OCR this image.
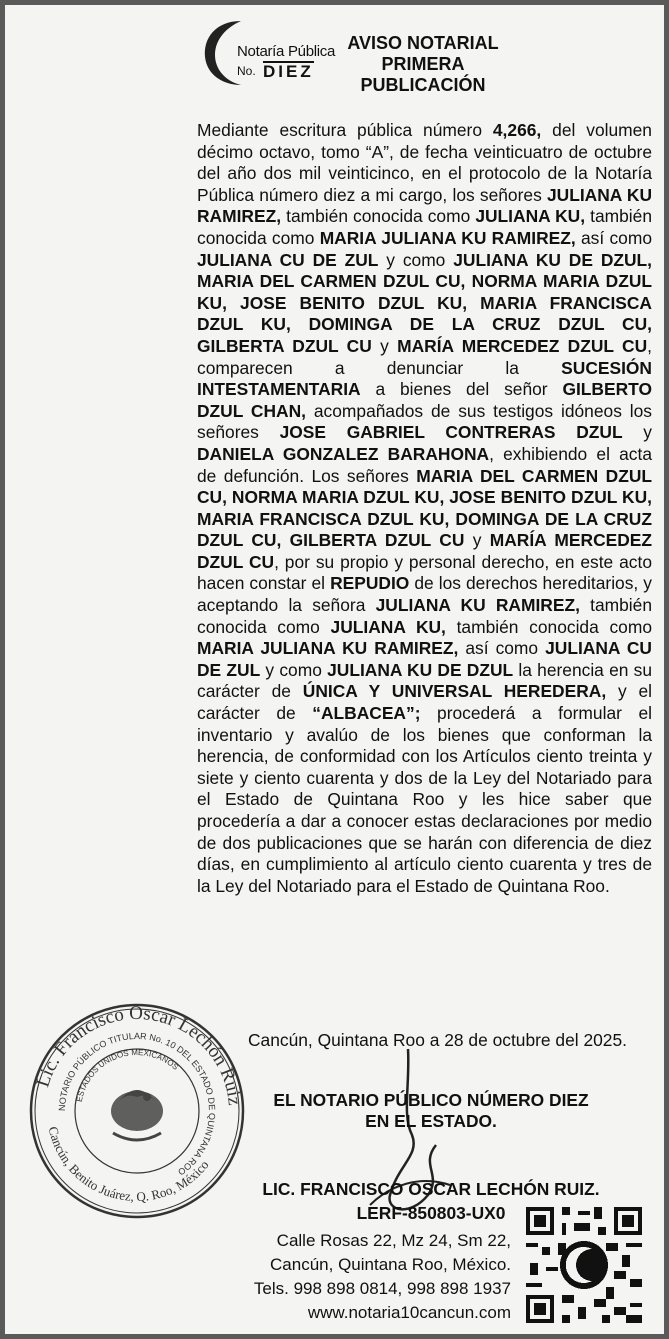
Notaría Pública
No. DIEZ
AVISO NOTARIAL
PRIMERA
PUBLICACIÓN
Mediante escritura pública número 4,266, del volumen décimo octavo, tomo “A”, de fecha veinticuatro de octubre del año dos mil veinticinco, en el protocolo de la Notaría Pública número diez a mi cargo, los señores JULIANA KU RAMIREZ, también conocida como JULIANA KU, también conocida como MARIA JULIANA KU RAMIREZ, así como JULIANA CU DE ZUL y como JULIANA KU DE DZUL, MARIA DEL CARMEN DZUL CU, NORMA MARIA DZUL KU, JOSE BENITO DZUL KU, MARIA FRANCISCA DZUL KU, DOMINGA DE LA CRUZ DZUL CU, GILBERTA DZUL CU y MARÍA MERCEDEZ DZUL CU, comparecen a denunciar la SUCESIÓN INTESTAMENTARIA a bienes del señor GILBERTO DZUL CHAN, acompañados de sus testigos idóneos los señores JOSE GABRIEL CONTRERAS DZUL y DANIELA GONZALEZ BARAHONA, exhibiendo el acta de defunción. Los señores MARIA DEL CARMEN DZUL CU, NORMA MARIA DZUL KU, JOSE BENITO DZUL KU, MARIA FRANCISCA DZUL KU, DOMINGA DE LA CRUZ DZUL CU, GILBERTA DZUL CU y MARÍA MERCEDEZ DZUL CU, por su propio y personal derecho, en este acto hacen constar el REPUDIO de los derechos hereditarios, y aceptando la señora JULIANA KU RAMIREZ, también conocida como JULIANA KU, también conocida como MARIA JULIANA KU RAMIREZ, así como JULIANA CU DE ZUL y como JULIANA KU DE DZUL la herencia en su carácter de ÚNICA Y UNIVERSAL HEREDERA, y el carácter de “ALBACEA”; procederá a formular el inventario y avalúo de los bienes que conforman la herencia, de conformidad con los Artículos ciento treinta y siete y ciento cuarenta y dos de la Ley del Notariado para el Estado de Quintana Roo y les hice saber que procedería a dar a conocer estas declaraciones por medio de dos publicaciones que se harán con diferencia de diez días, en cumplimiento al artículo ciento cuarenta y tres de la Ley del Notariado para el Estado de Quintana Roo.
Lic. Francisco Oscar Lechón Ruiz
NOTARIO PÚBLICO TITULAR No. 10 DEL ESTADO DE QUINTANA ROO
ESTADOS UNIDOS MEXICANOS
Cancún, Benito Juárez, Q. Roo, México
Cancún, Quintana Roo a 28 de octubre del 2025.
EL NOTARIO PÚBLICO NÚMERO DIEZ
EN EL ESTADO.
LIC. FRANCISCO OSCAR LECHÓN RUIZ.
LERF-850803-UX0
Calle Rosas 22, Mz 24, Sm 22,
Cancún, Quintana Roo, México.
Tels. 998 898 0814, 998 898 1937
www.notaria10cancun.com
